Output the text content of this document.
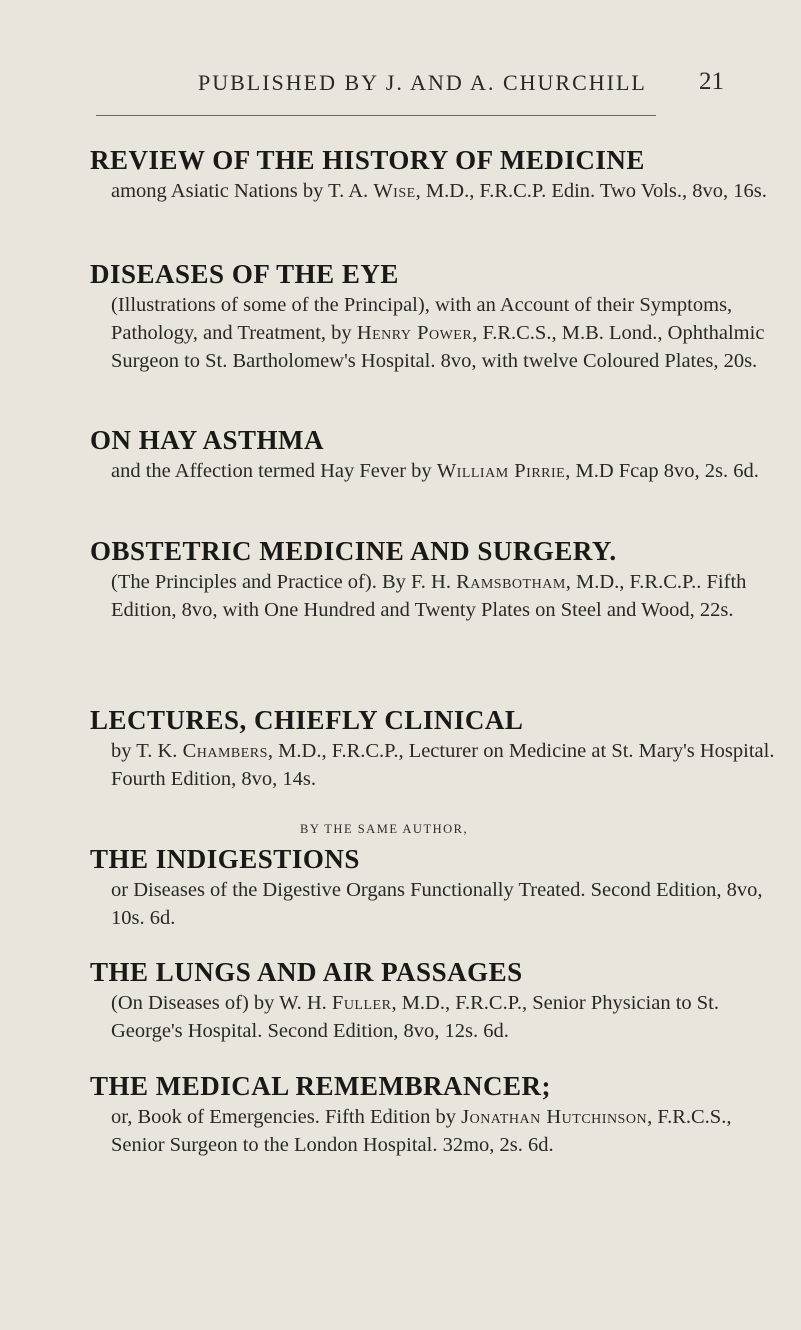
PUBLISHED BY J. AND A. CHURCHILL 21
REVIEW OF THE HISTORY OF MEDICINE
among Asiatic Nations by T. A. Wise, M.D., F.R.C.P. Edin. Two Vols., 8vo, 16s.
DISEASES OF THE EYE
(Illustrations of some of the Principal), with an Account of their Symptoms, Pathology, and Treatment, by Henry Power, F.R.C.S., M.B. Lond., Ophthalmic Surgeon to St. Bartholomew's Hospital. 8vo, with twelve Coloured Plates, 20s.
ON HAY ASTHMA
and the Affection termed Hay Fever by William Pirrie, M.D Fcap 8vo, 2s. 6d.
OBSTETRIC MEDICINE AND SURGERY.
(The Principles and Practice of). By F. H. Ramsbotham, M.D., F.R.C.P.. Fifth Edition, 8vo, with One Hundred and Twenty Plates on Steel and Wood, 22s.
LECTURES, CHIEFLY CLINICAL
by T. K. Chambers, M.D., F.R.C.P., Lecturer on Medicine at St. Mary's Hospital. Fourth Edition, 8vo, 14s.
BY THE SAME AUTHOR,
THE INDIGESTIONS
or Diseases of the Digestive Organs Functionally Treated. Second Edition, 8vo, 10s. 6d.
THE LUNGS AND AIR PASSAGES
(On Diseases of) by W. H. Fuller, M.D., F.R.C.P., Senior Physician to St. George's Hospital. Second Edition, 8vo, 12s. 6d.
THE MEDICAL REMEMBRANCER;
or, Book of Emergencies. Fifth Edition by Jonathan Hutchinson, F.R.C.S., Senior Surgeon to the London Hospital. 32mo, 2s. 6d.
